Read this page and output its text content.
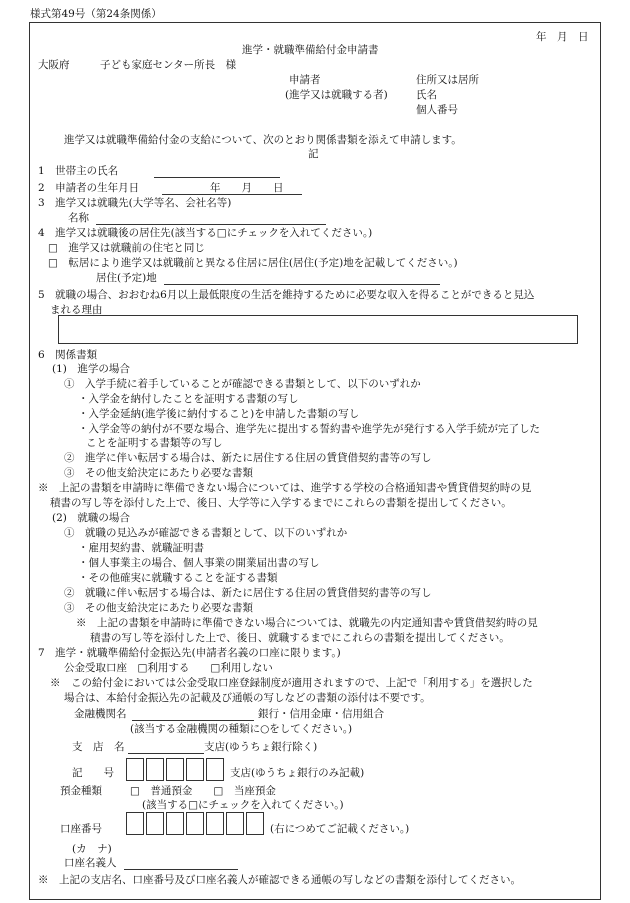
様式第49号（第24条関係）
年　月　日
進学・就職準備給付金申請書
大阪府	子ども家庭センター所長　様
申請者
(進学又は就職する者)
住所又は居所
氏名
個人番号
進学又は就職準備給付金の支給について、次のとおり関係書類を添えて申請します。
記
1　世帯主の氏名
2　申請者の生年月日	年　　月　　日
3　進学又は就職先(大学等名、会社名等)
名称
4　進学又は就職後の居住先(該当する□にチェックを入れてください。)
□　進学又は就職前の住宅と同じ
□　転居により進学又は就職前と異なる住居に居住(居住(予定)地を記載してください。)
居住(予定)地
5　就職の場合、おおむね6月以上最低限度の生活を維持するために必要な収入を得ることができると見込
まれる理由
6　関係書類
(1)　進学の場合
①　入学手続に着手していることが確認できる書類として、以下のいずれか
・入学金を納付したことを証明する書類の写し
・入学金延納(進学後に納付すること)を申請した書類の写し
・入学金等の納付が不要な場合、進学先に提出する誓約書や進学先が発行する入学手続が完了した
ことを証明する書類等の写し
②　進学に伴い転居する場合は、新たに居住する住居の賃貸借契約書等の写し
③　その他支給決定にあたり必要な書類
※　上記の書類を申請時に準備できない場合については、進学する学校の合格通知書や賃貸借契約時の見
積書の写し等を添付した上で、後日、大学等に入学するまでにこれらの書類を提出してください。
(2)　就職の場合
①　就職の見込みが確認できる書類として、以下のいずれか
・雇用契約書、就職証明書
・個人事業主の場合、個人事業の開業届出書の写し
・その他確実に就職することを証する書類
②　就職に伴い転居する場合は、新たに居住する住居の賃貸借契約書等の写し
③　その他支給決定にあたり必要な書類
※　上記の書類を申請時に準備できない場合については、就職先の内定通知書や賃貸借契約時の見
積書の写し等を添付した上で、後日、就職するまでにこれらの書類を提出してください。
7　進学・就職準備給付金振込先(申請者名義の口座に限ります。)
公金受取口座　□利用する　　□利用しない
※　この給付金においては公金受取口座登録制度が適用されますので、上記で「利用する」を選択した
場合は、本給付金振込先の記載及び通帳の写しなどの書類の添付は不要です。
金融機関名	銀行・信用金庫・信用組合
(該当する金融機関の種類に○をしてください。)
支　店　名	支店(ゆうちょ銀行除く)
記　　号	支店(ゆうちょ銀行のみ記載)
預金種類	□　普通預金　　□　当座預金
(該当する□にチェックを入れてください。)
口座番号	(右につめてご記載ください。)
(カ　ナ)
口座名義人
※　上記の支店名、口座番号及び口座名義人が確認できる通帳の写しなどの書類を添付してください。
